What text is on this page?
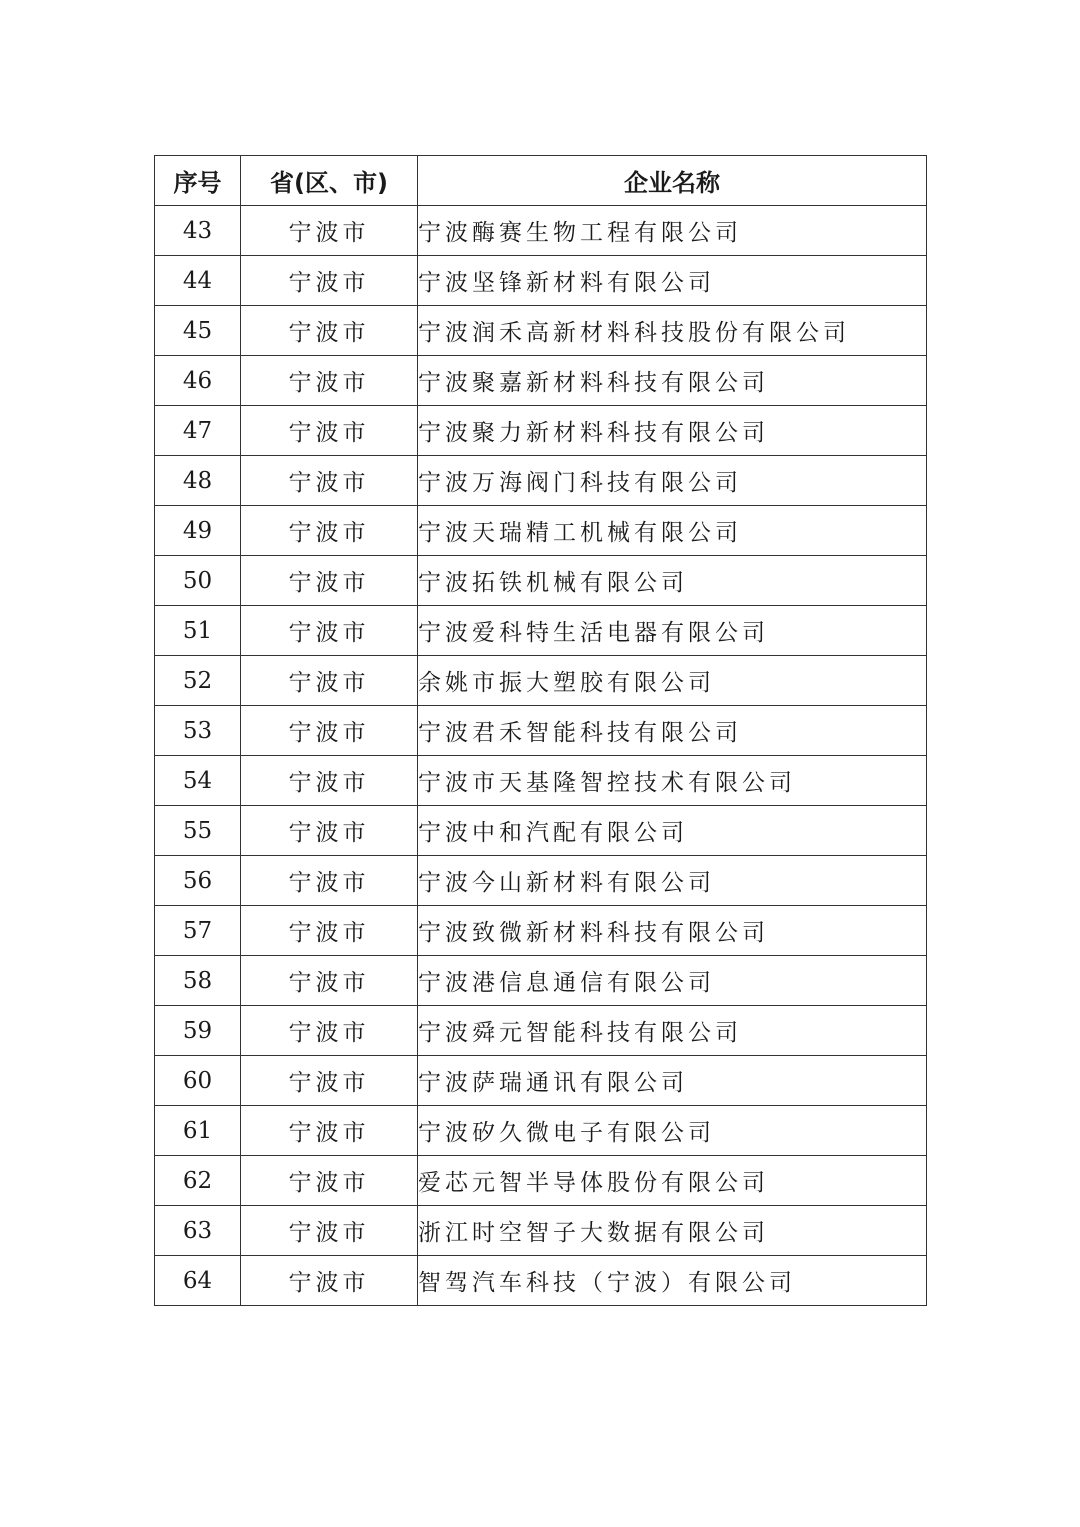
序号	省(区、市)	企业名称
43	宁波市	宁波酶赛生物工程有限公司
44	宁波市	宁波坚锋新材料有限公司
45	宁波市	宁波润禾高新材料科技股份有限公司
46	宁波市	宁波聚嘉新材料科技有限公司
47	宁波市	宁波聚力新材料科技有限公司
48	宁波市	宁波万海阀门科技有限公司
49	宁波市	宁波天瑞精工机械有限公司
50	宁波市	宁波拓铁机械有限公司
51	宁波市	宁波爱科特生活电器有限公司
52	宁波市	余姚市振大塑胶有限公司
53	宁波市	宁波君禾智能科技有限公司
54	宁波市	宁波市天基隆智控技术有限公司
55	宁波市	宁波中和汽配有限公司
56	宁波市	宁波今山新材料有限公司
57	宁波市	宁波致微新材料科技有限公司
58	宁波市	宁波港信息通信有限公司
59	宁波市	宁波舜元智能科技有限公司
60	宁波市	宁波萨瑞通讯有限公司
61	宁波市	宁波矽久微电子有限公司
62	宁波市	爱芯元智半导体股份有限公司
63	宁波市	浙江时空智子大数据有限公司
64	宁波市	智驾汽车科技（宁波）有限公司
